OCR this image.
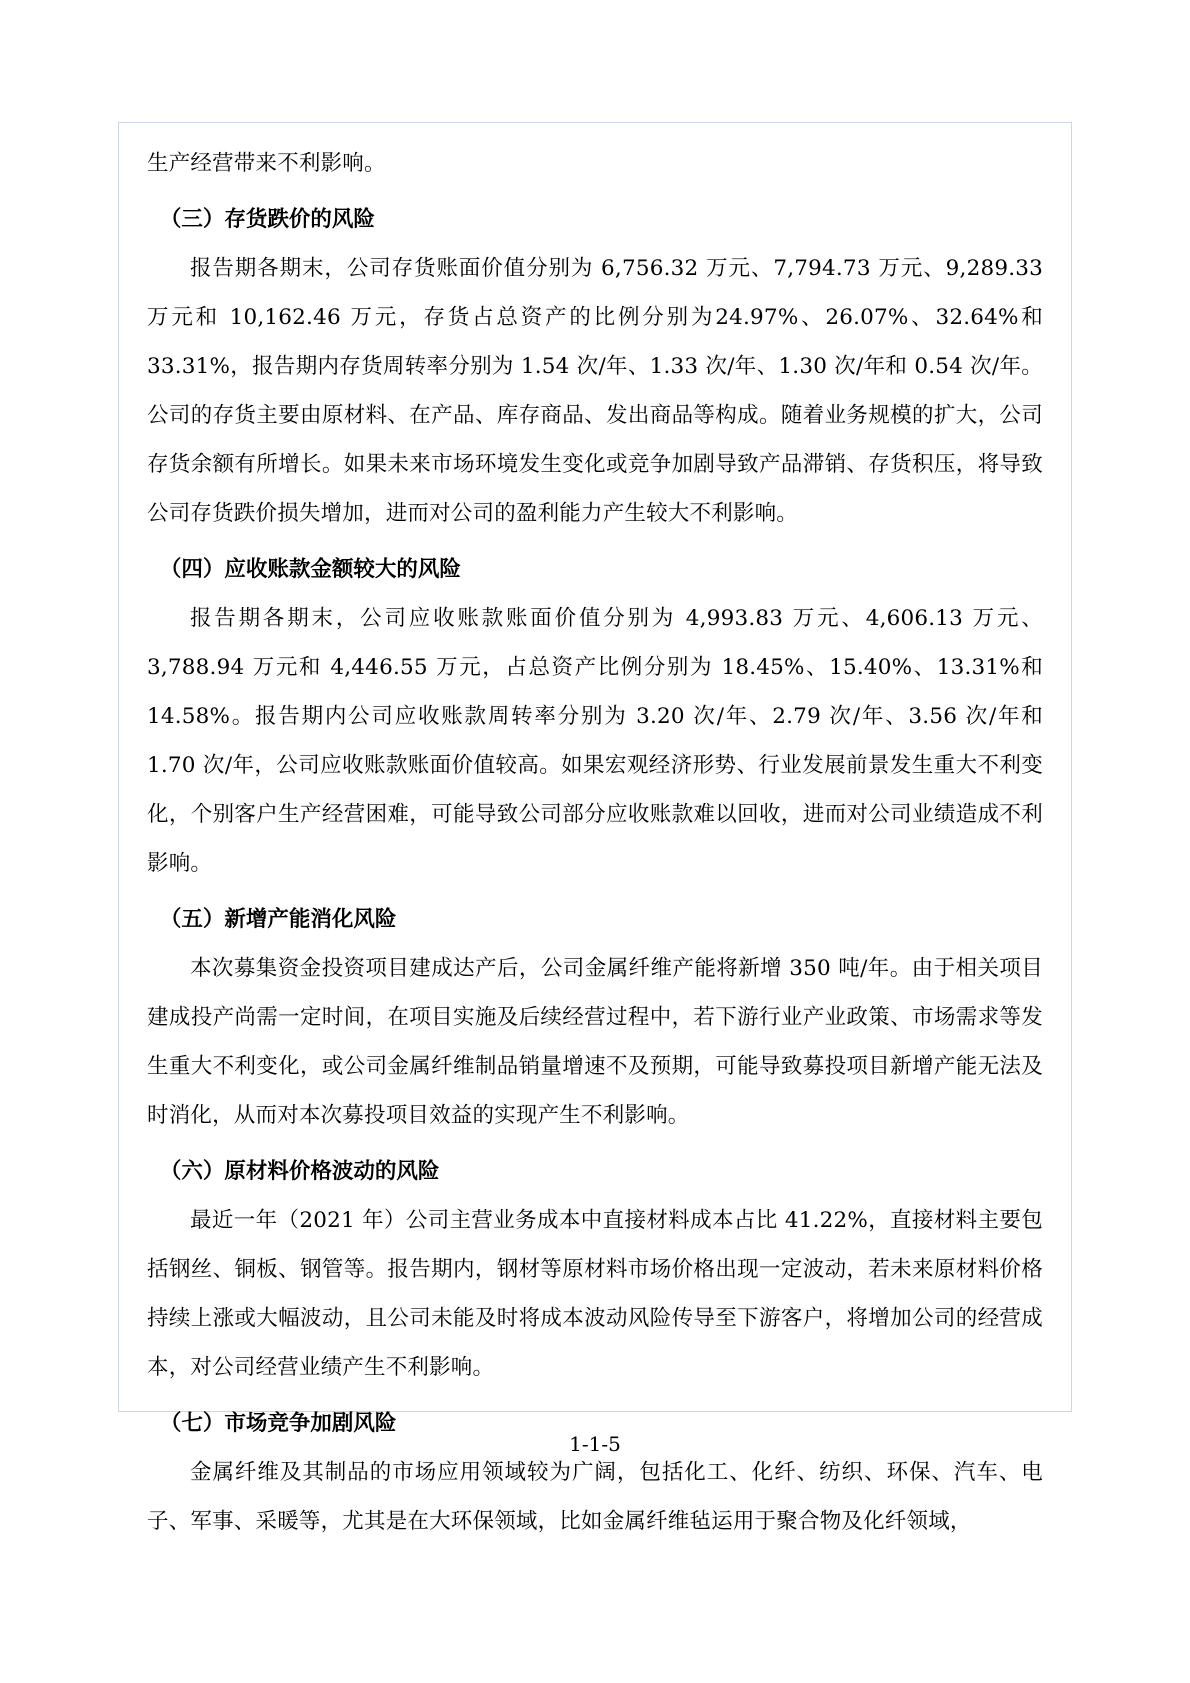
生产经营带来不利影响。

（三）存货跌价的风险

报告期各期末，公司存货账面价值分别为 6,756.32 万元、7,794.73 万元、9,289.33 万元和 10,162.46 万元，存货占总资产的比例分别为24.97%、26.07%、32.64%和 33.31%，报告期内存货周转率分别为 1.54 次/年、1.33 次/年、1.30 次/年和 0.54 次/年。公司的存货主要由原材料、在产品、库存商品、发出商品等构成。随着业务规模的扩大，公司存货余额有所增长。如果未来市场环境发生变化或竞争加剧导致产品滞销、存货积压，将导致公司存货跌价损失增加，进而对公司的盈利能力产生较大不利影响。

（四）应收账款金额较大的风险

报告期各期末，公司应收账款账面价值分别为 4,993.83 万元、4,606.13 万元、3,788.94 万元和 4,446.55 万元，占总资产比例分别为 18.45%、15.40%、13.31%和 14.58%。报告期内公司应收账款周转率分别为 3.20 次/年、2.79 次/年、3.56 次/年和 1.70 次/年，公司应收账款账面价值较高。如果宏观经济形势、行业发展前景发生重大不利变化，个别客户生产经营困难，可能导致公司部分应收账款难以回收，进而对公司业绩造成不利影响。

（五）新增产能消化风险

本次募集资金投资项目建成达产后，公司金属纤维产能将新增 350 吨/年。由于相关项目建成投产尚需一定时间，在项目实施及后续经营过程中，若下游行业产业政策、市场需求等发生重大不利变化，或公司金属纤维制品销量增速不及预期，可能导致募投项目新增产能无法及时消化，从而对本次募投项目效益的实现产生不利影响。

（六）原材料价格波动的风险

最近一年（2021 年）公司主营业务成本中直接材料成本占比 41.22%，直接材料主要包括钢丝、铜板、钢管等。报告期内，钢材等原材料市场价格出现一定波动，若未来原材料价格持续上涨或大幅波动，且公司未能及时将成本波动风险传导至下游客户，将增加公司的经营成本，对公司经营业绩产生不利影响。

（七）市场竞争加剧风险

金属纤维及其制品的市场应用领域较为广阔，包括化工、化纤、纺织、环保、汽车、电子、军事、采暖等，尤其是在大环保领域，比如金属纤维毡运用于聚合物及化纤领域，

1-1-5
